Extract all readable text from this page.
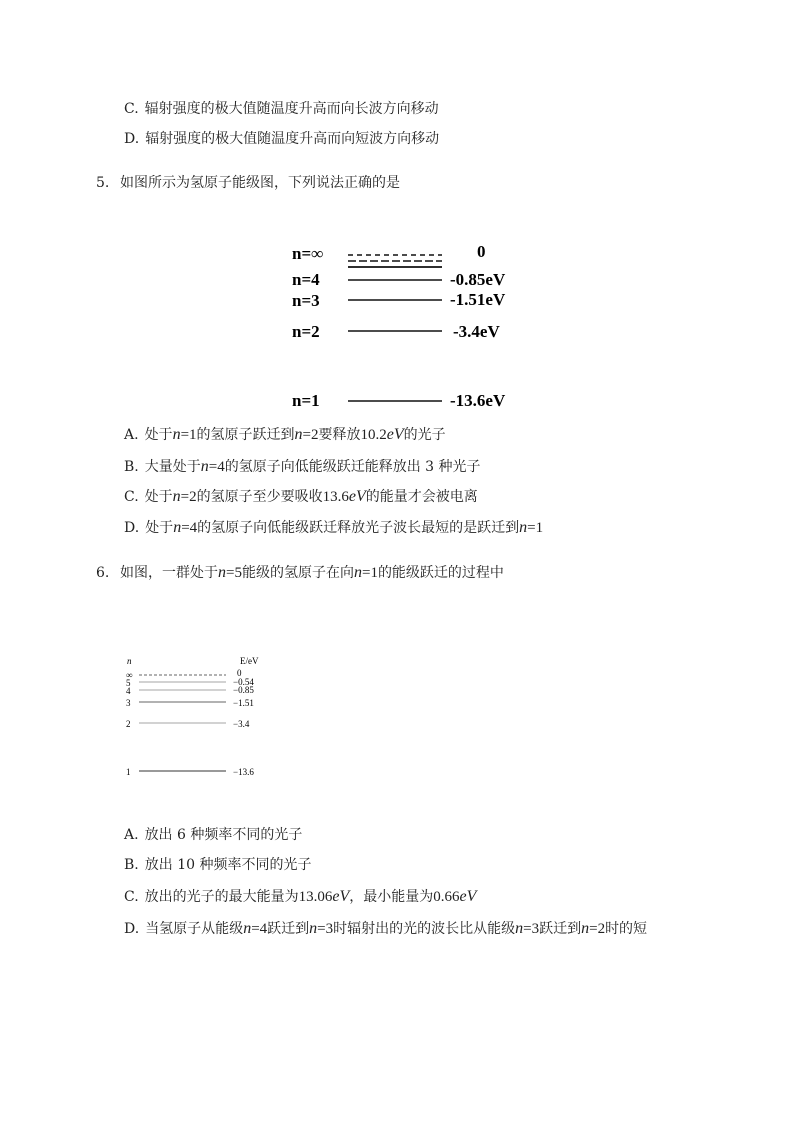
C. 辐射强度的极大值随温度升高而向长波方向移动
D. 辐射强度的极大值随温度升高而向短波方向移动
5. 如图所示为氢原子能级图，下列说法正确的是
n=∞	0
n=4	-0.85eV
n=3	-1.51eV
n=2	-3.4eV
n=1	-13.6eV
A. 处于n=1的氢原子跃迁到n=2要释放10.2eV的光子
B. 大量处于n=4的氢原子向低能级跃迁能释放出 3 种光子
C. 处于n=2的氢原子至少要吸收13.6eV的能量才会被电离
D. 处于n=4的氢原子向低能级跃迁释放光子波长最短的是跃迁到n=1
6. 如图，一群处于n=5能级的氢原子在向n=1的能级跃迁的过程中
n	E/eV
∞	0
5	−0.54
4	−0.85
3	−1.51
2	−3.4
1	−13.6
A. 放出 6 种频率不同的光子
B. 放出 10 种频率不同的光子
C. 放出的光子的最大能量为13.06eV，最小能量为0.66eV
D. 当氢原子从能级n=4跃迁到n=3时辐射出的光的波长比从能级n=3跃迁到n=2时的短
